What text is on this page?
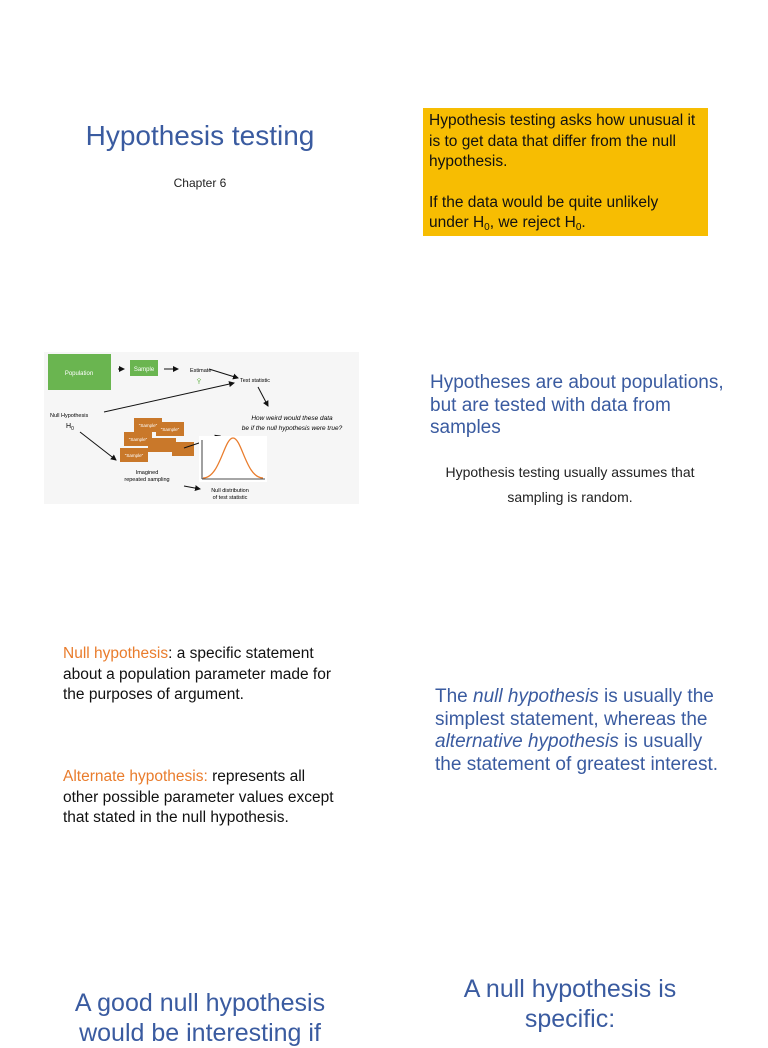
Hypothesis testing
Chapter 6

Hypothesis testing asks how unusual it is to get data that differ from the null hypothesis.

If the data would be quite unlikely under $H_0$, we reject $H_0$.

Population
Sample	Estimate
Ȳ	Test statistic
Null Hypothesis
$H_0$
How weird would these data
be if the null hypothesis were true?
"Sample"
"Sample"
"Sample"
"Sample"
Imagined
repeated sampling
Null distribution
of test statistic
Hypotheses are about populations, but are tested with data from samples
Hypothesis testing usually assumes that sampling is random.
Null hypothesis: a specific statement about a population parameter made for the purposes of argument.
Alternate hypothesis: represents all other possible parameter values except that stated in the null hypothesis.
The null hypothesis is usually the simplest statement, whereas the alternative hypothesis is usually the statement of greatest interest.
A good null hypothesis
would be interesting if
A null hypothesis is
specific:
